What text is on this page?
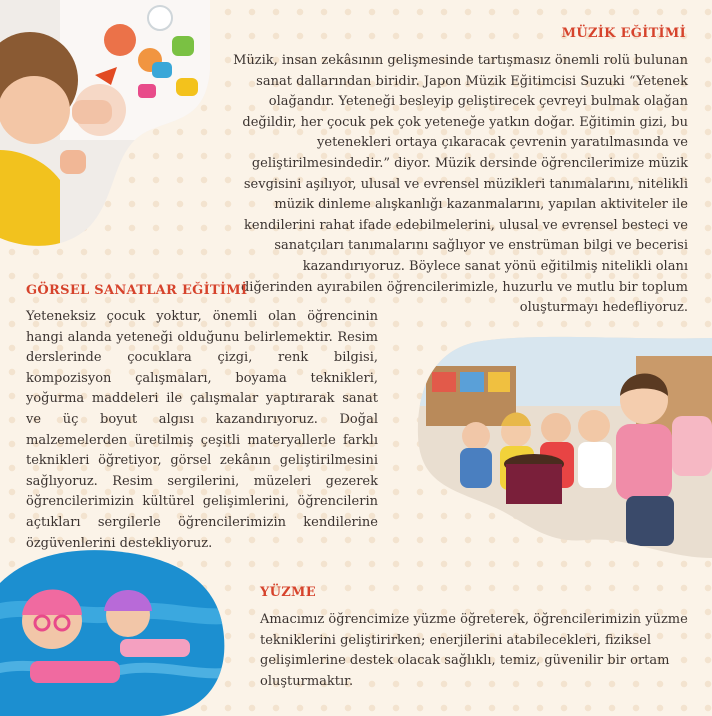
MÜZİK EĞİTİMİ

Müzik, insan zekâsının gelişmesinde tartışmasız önemli rolü bulunan sanat dallarından biridir. Japon Müzik Eğitimcisi Suzuki “Yetenek olağandır. Yeteneği besleyip geliştirecek çevreyi bulmak olağan değildir, her çocuk pek çok yeteneğe yatkın doğar. Eğitimin gizi, bu yetenekleri ortaya çıkaracak çevrenin yaratılmasında ve geliştirilmesindedir.” diyor. Müzik dersinde öğrencilerimize müzik sevgisini aşılıyor, ulusal ve evrensel müzikleri tanımalarını, nitelikli müzik dinleme alışkanlığı kazanmalarını, yapılan aktiviteler ile kendilerini rahat ifade edebilmelerini, ulusal ve evrensel besteci ve sanatçıları tanımalarını sağlıyor ve enstrüman bilgi ve becerisi kazandırıyoruz. Böylece sanat yönü eğitilmiş nitelikli olanı diğerinden ayırabilen öğrencilerimizle, huzurlu ve mutlu bir toplum oluşturmayı hedefliyoruz.

GÖRSEL SANATLAR EĞİTİMİ

Yeteneksiz çocuk yoktur, önemli olan öğrencinin hangi alanda yeteneği olduğunu belirlemektir. Resim derslerinde çocuklara çizgi, renk bilgisi, kompozisyon çalışmaları, boyama teknikleri, yoğurma maddeleri ile çalışmalar yaptırarak sanat ve üç boyut algısı kazandırıyoruz. Doğal malzemelerden üretilmiş çeşitli materyallerle farklı teknikleri öğretiyor, görsel zekânın geliştirilmesini sağlıyoruz. Resim sergilerini, müzeleri gezerek öğrencilerimizin kültürel gelişimlerini, öğrencilerin açtıkları sergilerle öğrencilerimizin kendilerine özgüvenlerini destekliyoruz.

YÜZME

Amacımız öğrencimize yüzme öğreterek, öğrencilerimizin yüzme tekniklerini geliştirirken; enerjilerini atabilecekleri, fiziksel gelişimlerine destek olacak sağlıklı, temiz, güvenilir bir ortam oluşturmaktır.
